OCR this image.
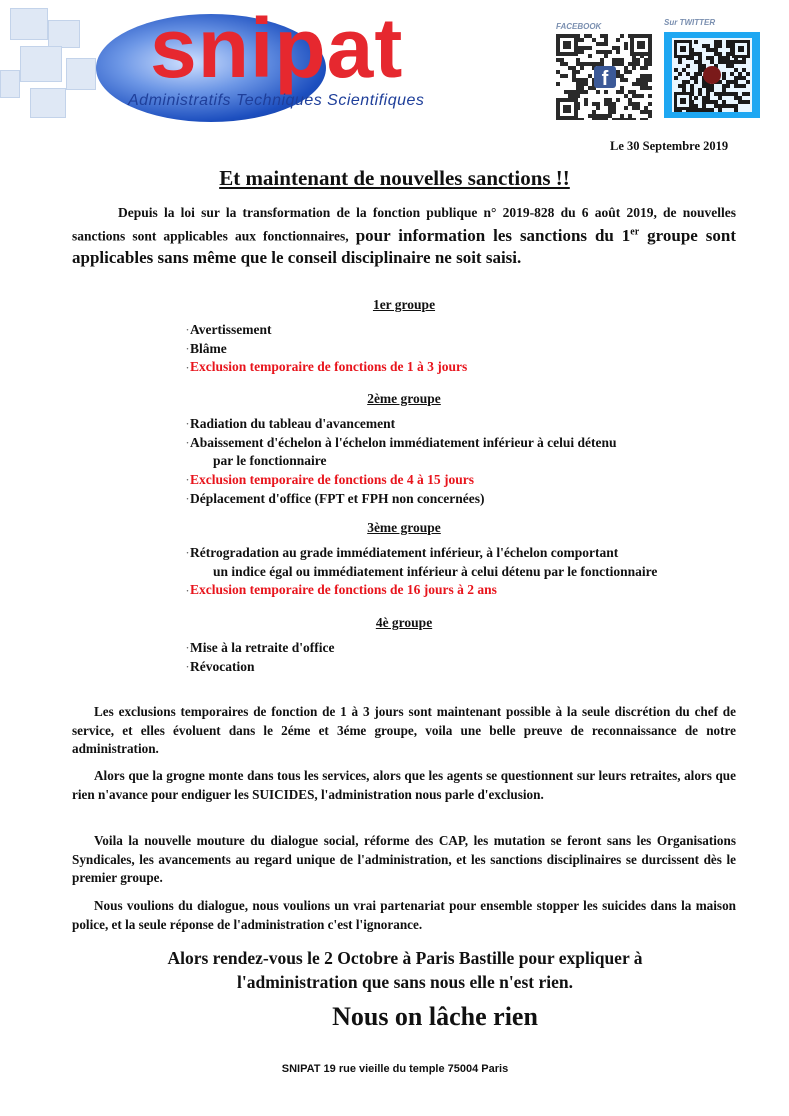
snipat
Administratifs Techniques Scientifiques
FACEBOOK
f
Sur TWITTER
Le 30 Septembre 2019
Et maintenant de nouvelles sanctions !!
Depuis la loi sur la transformation de la fonction publique n° 2019-828 du 6 août 2019, de nouvelles sanctions sont applicables aux fonctionnaires, pour information les sanctions du 1er groupe sont applicables sans même que le conseil disciplinaire ne soit saisi.
1er groupe
· Avertissement
· Blâme
· Exclusion temporaire de fonctions de 1 à 3 jours
2ème groupe
· Radiation du tableau d'avancement
· Abaissement d'échelon à l'échelon immédiatement inférieur à celui détenu
par le fonctionnaire
· Exclusion temporaire de fonctions de 4 à 15 jours
· Déplacement d'office (FPT et FPH non concernées)
3ème groupe
· Rétrogradation au grade immédiatement inférieur, à l'échelon comportant
un indice égal ou immédiatement inférieur à celui détenu par le fonctionnaire
· Exclusion temporaire de fonctions de 16 jours à 2 ans
4è groupe
· Mise à la retraite d'office
· Révocation
Les exclusions temporaires de fonction de 1 à 3 jours sont maintenant possible à la seule discrétion du chef de service, et elles évoluent dans le 2éme et 3éme groupe, voila une belle preuve de reconnaissance de notre administration.
Alors que la grogne monte dans tous les services, alors que les agents se questionnent sur leurs retraites, alors que rien n'avance pour endiguer les SUICIDES, l'administration nous parle d'exclusion.
Voila la nouvelle mouture du dialogue social, réforme des CAP, les mutation se feront sans les Organisations Syndicales, les avancements au regard unique de l'administration, et les sanctions disciplinaires se durcissent dès le premier groupe.
Nous voulions du dialogue, nous voulions un vrai partenariat pour ensemble stopper les suicides dans la maison police, et la seule réponse de l'administration c'est l'ignorance.
Alors rendez-vous le 2 Octobre à Paris Bastille pour expliquer à
l'administration que sans nous elle n'est rien.
Nous on lâche rien
SNIPAT 19 rue vieille du temple 75004 Paris
